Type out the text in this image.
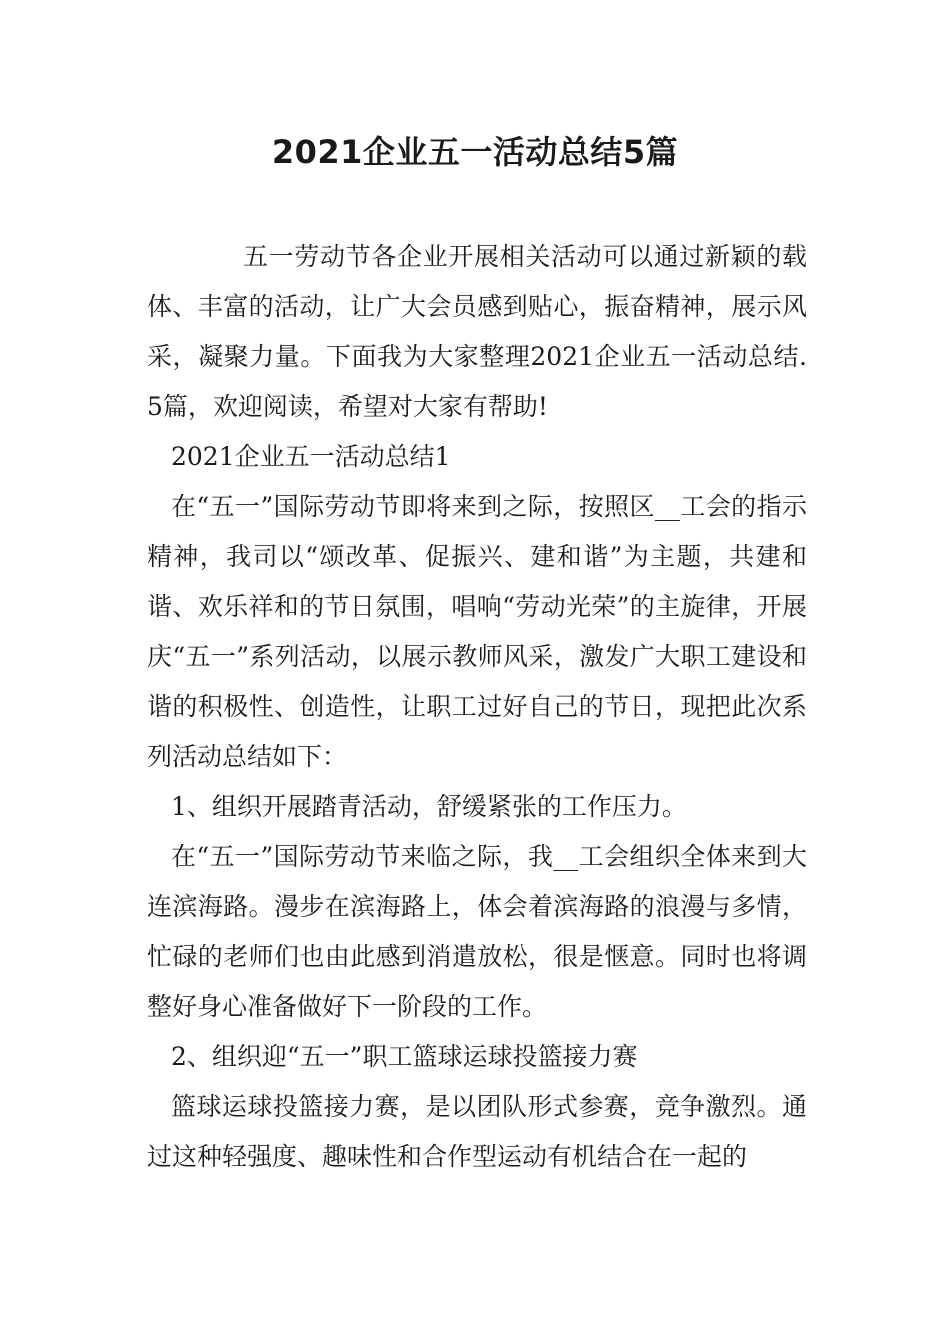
2021企业五一活动总结5篇

五一劳动节各企业开展相关活动可以通过新颖的载体、丰富的活动，让广大会员感到贴心，振奋精神，展示风采，凝聚力量。下面我为大家整理2021企业五一活动总结.5篇，欢迎阅读，希望对大家有帮助!

2021企业五一活动总结1

在“五一”国际劳动节即将来到之际，按照区__工会的指示精神，我司以“颂改革、促振兴、建和谐”为主题，共建和谐、欢乐祥和的节日氛围，唱响“劳动光荣”的主旋律，开展庆“五一”系列活动，以展示教师风采，激发广大职工建设和谐的积极性、创造性，让职工过好自己的节日，现把此次系列活动总结如下：

1、组织开展踏青活动，舒缓紧张的工作压力。

在“五一”国际劳动节来临之际，我__工会组织全体来到大连滨海路。漫步在滨海路上，体会着滨海路的浪漫与多情，忙碌的老师们也由此感到消遣放松，很是惬意。同时也将调整好身心准备做好下一阶段的工作。

2、组织迎“五一”职工篮球运球投篮接力赛

篮球运球投篮接力赛，是以团队形式参赛，竞争激烈。通过这种轻强度、趣味性和合作型运动有机结合在一起的
